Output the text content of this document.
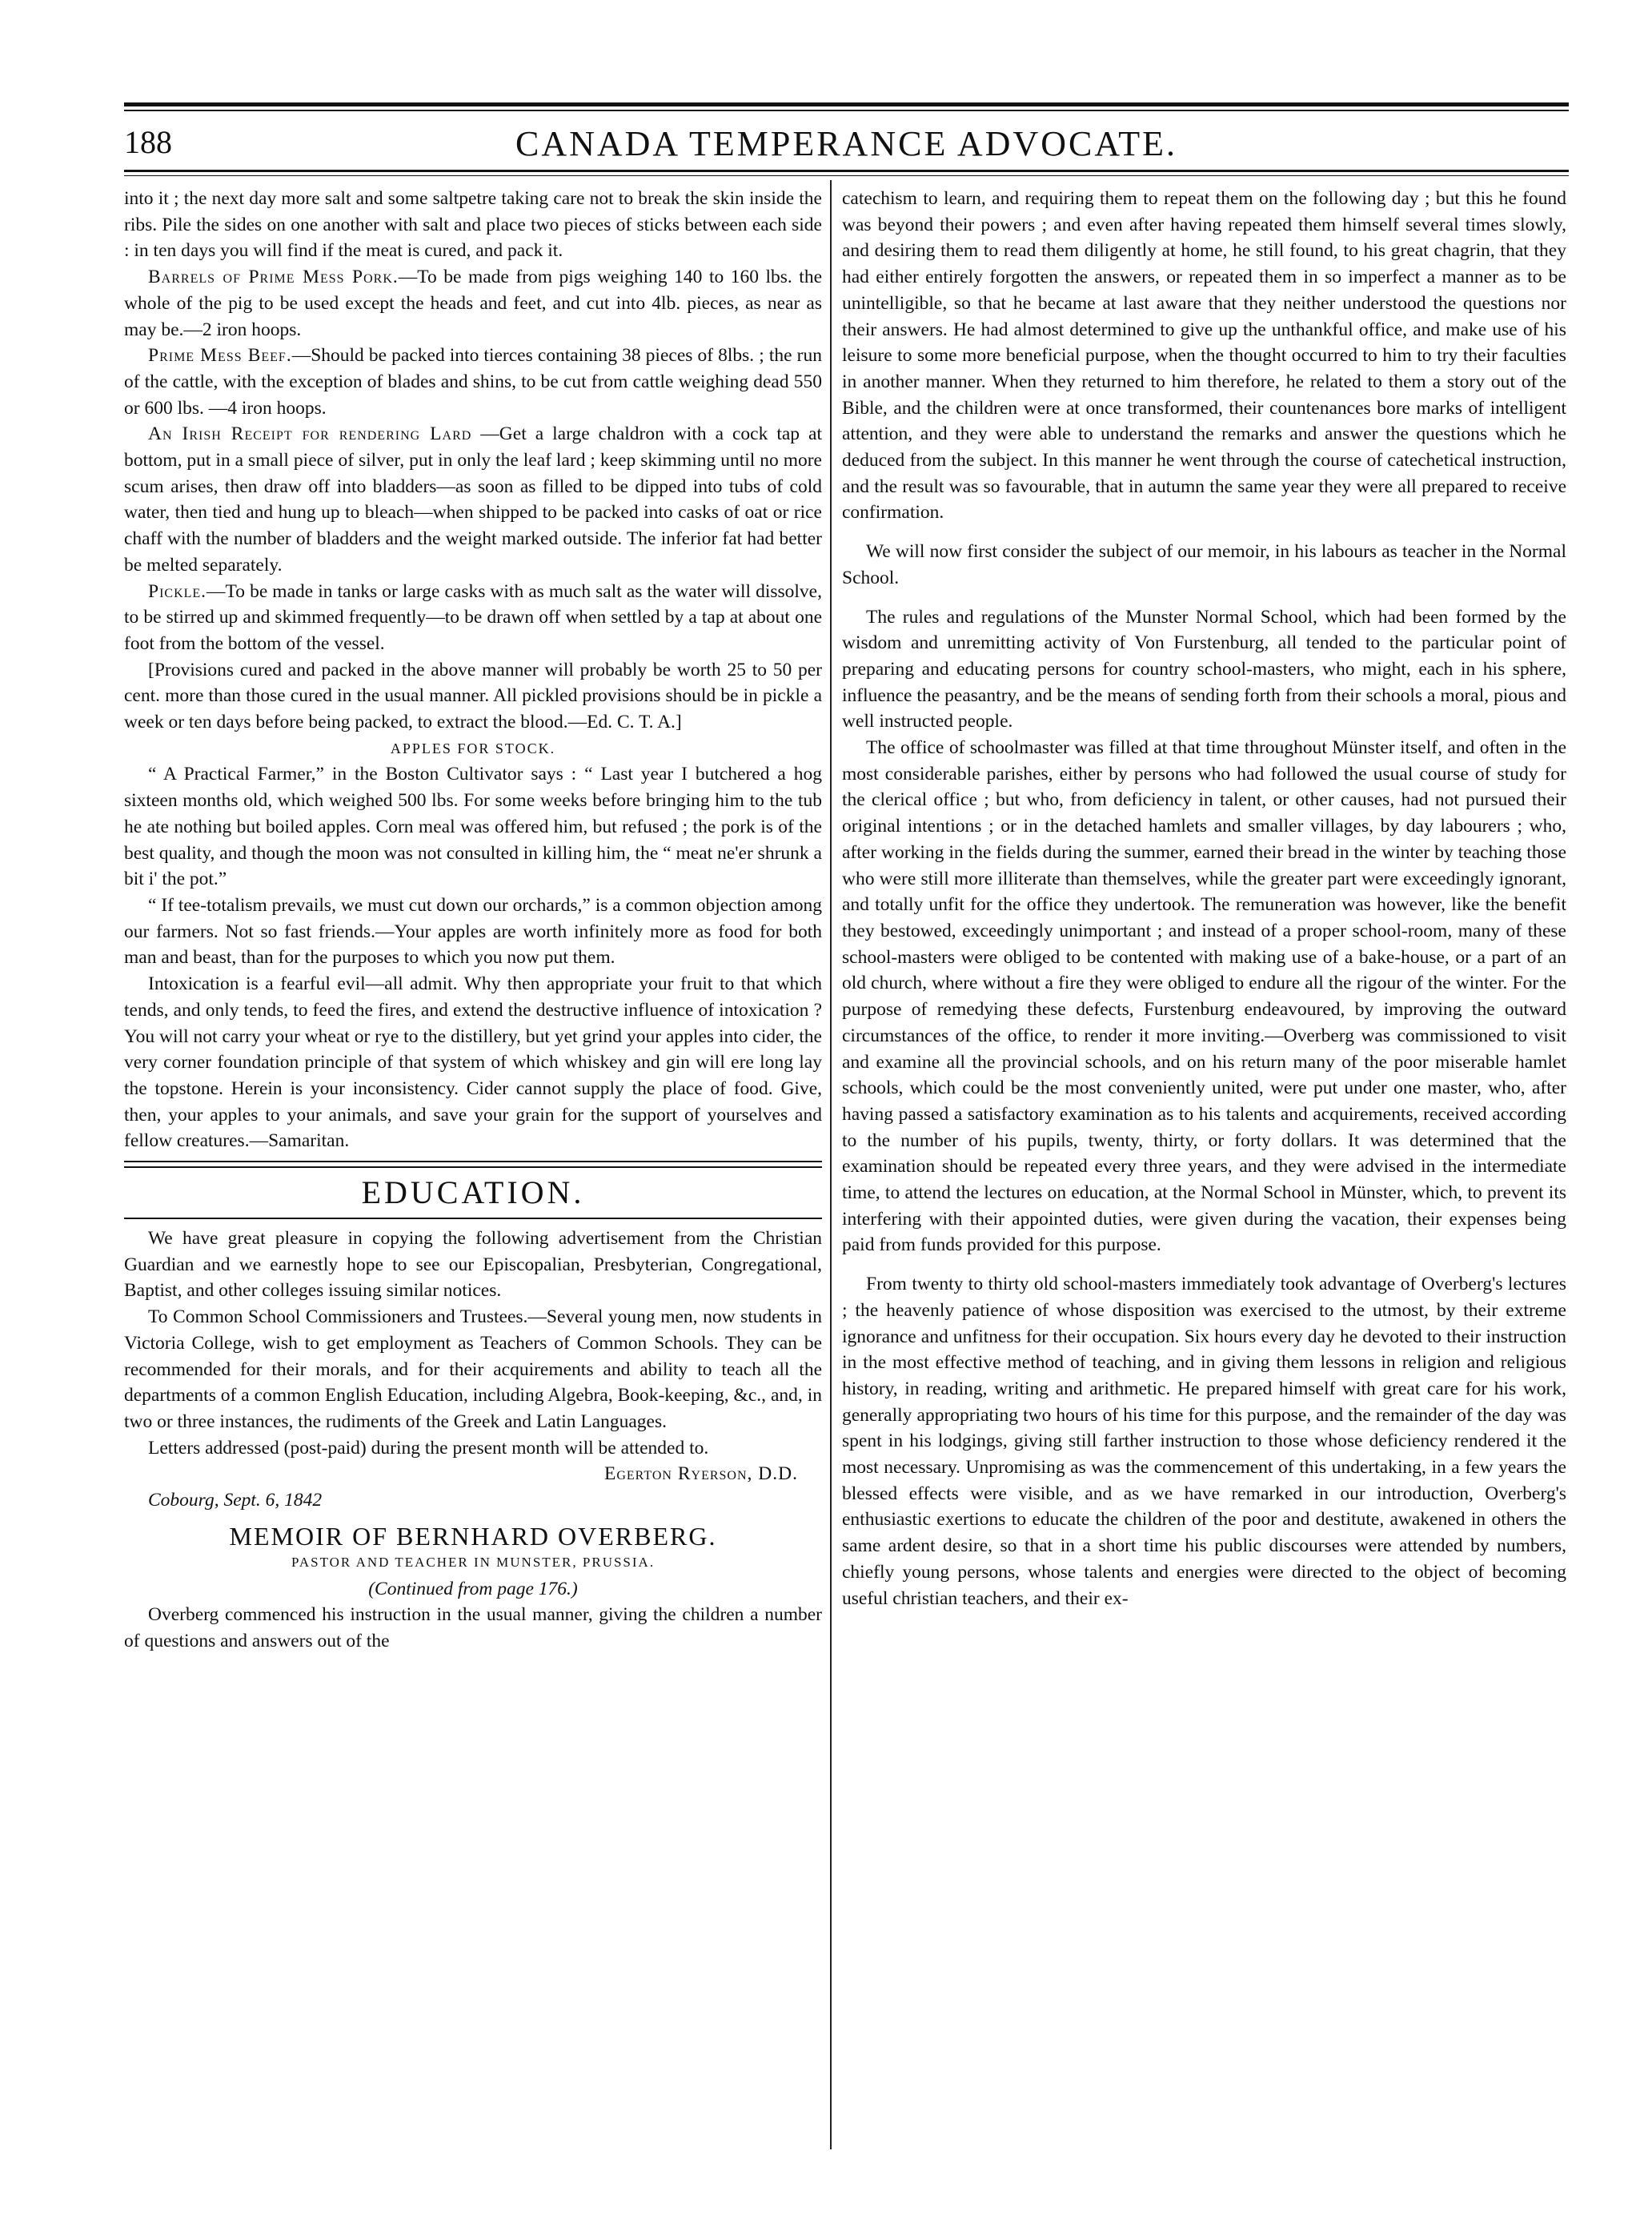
188	CANADA TEMPERANCE ADVOCATE.

into it ; the next day more salt and some saltpetre taking care not to break the skin inside the ribs. Pile the sides on one another with salt and place two pieces of sticks between each side : in ten days you will find if the meat is cured, and pack it.

Barrels of Prime Mess Pork.—To be made from pigs weighing 140 to 160 lbs. the whole of the pig to be used except the heads and feet, and cut into 4lb. pieces, as near as may be.—2 iron hoops.

Prime Mess Beef.—Should be packed into tierces containing 38 pieces of 8lbs. ; the run of the cattle, with the exception of blades and shins, to be cut from cattle weighing dead 550 or 600 lbs. —4 iron hoops.

An Irish Receipt for rendering Lard —Get a large chaldron with a cock tap at bottom, put in a small piece of silver, put in only the leaf lard ; keep skimming until no more scum arises, then draw off into bladders—as soon as filled to be dipped into tubs of cold water, then tied and hung up to bleach—when shipped to be packed into casks of oat or rice chaff with the number of bladders and the weight marked outside. The inferior fat had better be melted separately.

Pickle.—To be made in tanks or large casks with as much salt as the water will dissolve, to be stirred up and skimmed frequently—to be drawn off when settled by a tap at about one foot from the bottom of the vessel.

[Provisions cured and packed in the above manner will probably be worth 25 to 50 per cent. more than those cured in the usual manner. All pickled provisions should be in pickle a week or ten days before being packed, to extract the blood.—Ed. C. T. A.]

APPLES FOR STOCK.

“ A Practical Farmer,” in the Boston Cultivator says : “ Last year I butchered a hog sixteen months old, which weighed 500 lbs. For some weeks before bringing him to the tub he ate nothing but boiled apples. Corn meal was offered him, but refused ; the pork is of the best quality, and though the moon was not consulted in killing him, the “ meat ne'er shrunk a bit i' the pot.”

“ If tee-totalism prevails, we must cut down our orchards,” is a common objection among our farmers. Not so fast friends.—Your apples are worth infinitely more as food for both man and beast, than for the purposes to which you now put them.

Intoxication is a fearful evil—all admit. Why then appropriate your fruit to that which tends, and only tends, to feed the fires, and extend the destructive influence of intoxication ? You will not carry your wheat or rye to the distillery, but yet grind your apples into cider, the very corner foundation principle of that system of which whiskey and gin will ere long lay the topstone. Herein is your inconsistency. Cider cannot supply the place of food. Give, then, your apples to your animals, and save your grain for the support of yourselves and fellow creatures.—Samaritan.

EDUCATION.

We have great pleasure in copying the following advertisement from the Christian Guardian and we earnestly hope to see our Episcopalian, Presbyterian, Congregational, Baptist, and other colleges issuing similar notices.

To Common School Commissioners and Trustees.—Several young men, now students in Victoria College, wish to get employment as Teachers of Common Schools. They can be recommended for their morals, and for their acquirements and ability to teach all the departments of a common English Education, including Algebra, Book-keeping, &c., and, in two or three instances, the rudiments of the Greek and Latin Languages.

Letters addressed (post-paid) during the present month will be attended to.

Egerton Ryerson, D.D.
Cobourg, Sept. 6, 1842
MEMOIR OF BERNHARD OVERBERG.
PASTOR AND TEACHER IN MUNSTER, PRUSSIA.
(Continued from page 176.)

Overberg commenced his instruction in the usual manner, giving the children a number of questions and answers out of the

catechism to learn, and requiring them to repeat them on the following day ; but this he found was beyond their powers ; and even after having repeated them himself several times slowly, and desiring them to read them diligently at home, he still found, to his great chagrin, that they had either entirely forgotten the answers, or repeated them in so imperfect a manner as to be unintelligible, so that he became at last aware that they neither understood the questions nor their answers. He had almost determined to give up the unthankful office, and make use of his leisure to some more beneficial purpose, when the thought occurred to him to try their faculties in another manner. When they returned to him therefore, he related to them a story out of the Bible, and the children were at once transformed, their countenances bore marks of intelligent attention, and they were able to understand the remarks and answer the questions which he deduced from the subject. In this manner he went through the course of catechetical instruction, and the result was so favourable, that in autumn the same year they were all prepared to receive confirmation.

We will now first consider the subject of our memoir, in his labours as teacher in the Normal School.

The rules and regulations of the Munster Normal School, which had been formed by the wisdom and unremitting activity of Von Furstenburg, all tended to the particular point of preparing and educating persons for country school-masters, who might, each in his sphere, influence the peasantry, and be the means of sending forth from their schools a moral, pious and well instructed people.

The office of schoolmaster was filled at that time throughout Münster itself, and often in the most considerable parishes, either by persons who had followed the usual course of study for the clerical office ; but who, from deficiency in talent, or other causes, had not pursued their original intentions ; or in the detached hamlets and smaller villages, by day labourers ; who, after working in the fields during the summer, earned their bread in the winter by teaching those who were still more illiterate than themselves, while the greater part were exceedingly ignorant, and totally unfit for the office they undertook. The remuneration was however, like the benefit they bestowed, exceedingly unimportant ; and instead of a proper school-room, many of these school-masters were obliged to be contented with making use of a bake-house, or a part of an old church, where without a fire they were obliged to endure all the rigour of the winter. For the purpose of remedying these defects, Furstenburg endeavoured, by improving the outward circumstances of the office, to render it more inviting.—Overberg was commissioned to visit and examine all the provincial schools, and on his return many of the poor miserable hamlet schools, which could be the most conveniently united, were put under one master, who, after having passed a satisfactory examination as to his talents and acquirements, received according to the number of his pupils, twenty, thirty, or forty dollars. It was determined that the examination should be repeated every three years, and they were advised in the intermediate time, to attend the lectures on education, at the Normal School in Münster, which, to prevent its interfering with their appointed duties, were given during the vacation, their expenses being paid from funds provided for this purpose.

From twenty to thirty old school-masters immediately took advantage of Overberg's lectures ; the heavenly patience of whose disposition was exercised to the utmost, by their extreme ignorance and unfitness for their occupation. Six hours every day he devoted to their instruction in the most effective method of teaching, and in giving them lessons in religion and religious history, in reading, writing and arithmetic. He prepared himself with great care for his work, generally appropriating two hours of his time for this purpose, and the remainder of the day was spent in his lodgings, giving still farther instruction to those whose deficiency rendered it the most necessary. Unpromising as was the commencement of this undertaking, in a few years the blessed effects were visible, and as we have remarked in our introduction, Overberg's enthusiastic exertions to educate the children of the poor and destitute, awakened in others the same ardent desire, so that in a short time his public discourses were attended by numbers, chiefly young persons, whose talents and energies were directed to the object of becoming useful christian teachers, and their ex-
